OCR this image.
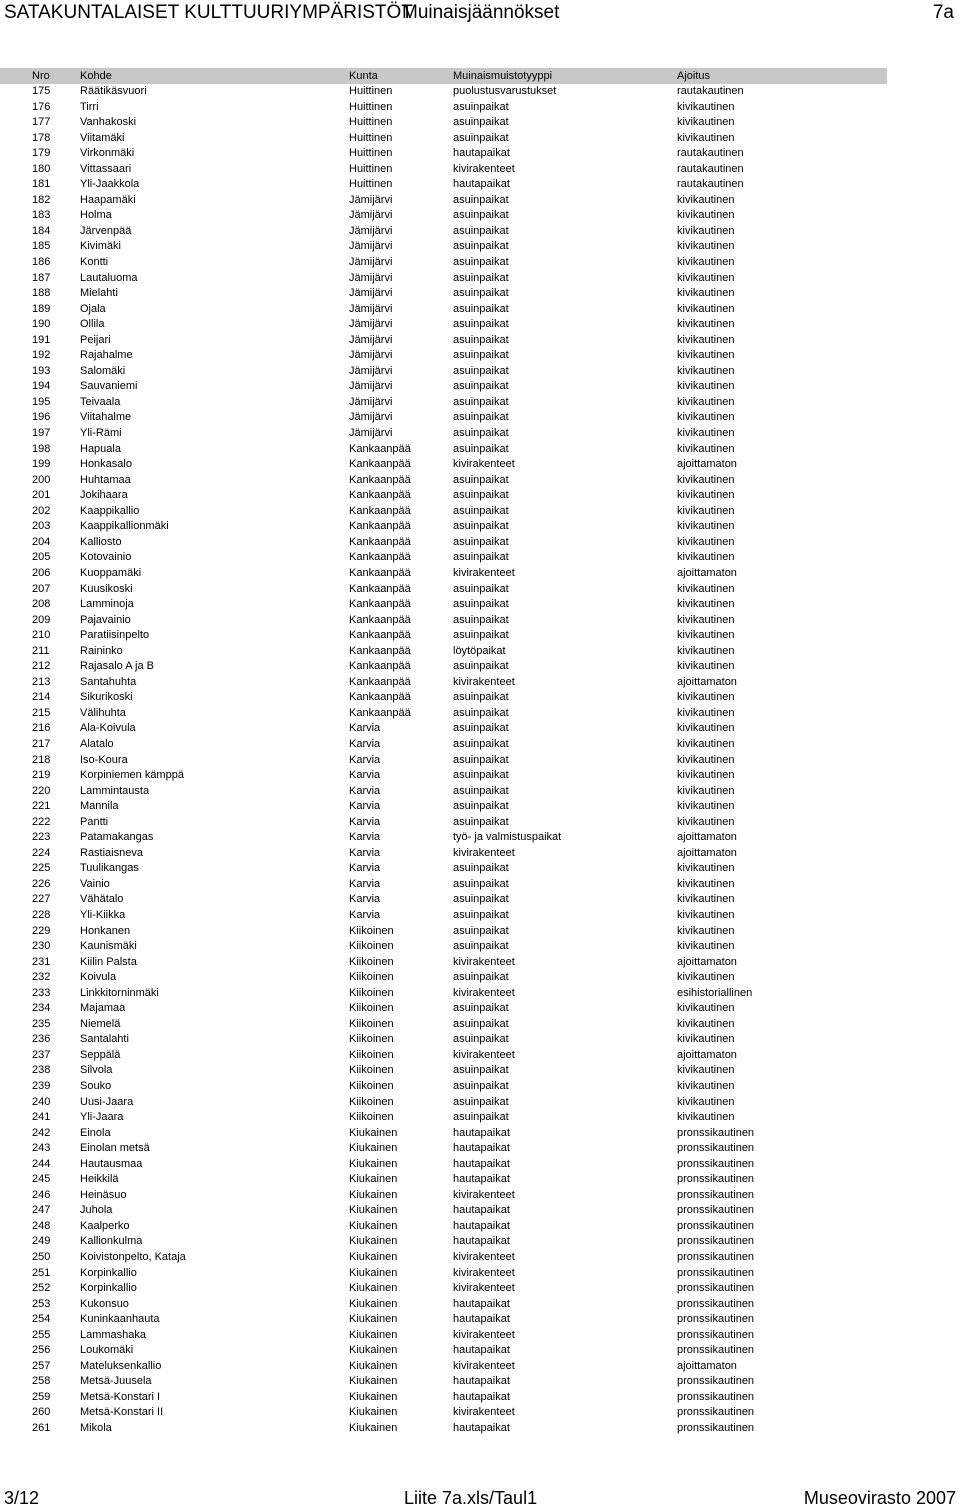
SATAKUNTALAISET KULTTUURIYMPÄRISTÖT
Muinaisjäännökset	7a
Nro	Kohde	Kunta	Muinaismuistotyyppi	Ajoitus
175	Räätikäsvuori	Huittinen	puolustusvarustukset	rautakautinen
176	Tirri	Huittinen	asuinpaikat	kivikautinen
177	Vanhakoski	Huittinen	asuinpaikat	kivikautinen
178	Viitamäki	Huittinen	asuinpaikat	kivikautinen
179	Virkonmäki	Huittinen	hautapaikat	rautakautinen
180	Vittassaari	Huittinen	kivirakenteet	rautakautinen
181	Yli-Jaakkola	Huittinen	hautapaikat	rautakautinen
182	Haapamäki	Jämijärvi	asuinpaikat	kivikautinen
183	Holma	Jämijärvi	asuinpaikat	kivikautinen
184	Järvenpää	Jämijärvi	asuinpaikat	kivikautinen
185	Kivimäki	Jämijärvi	asuinpaikat	kivikautinen
186	Kontti	Jämijärvi	asuinpaikat	kivikautinen
187	Lautaluoma	Jämijärvi	asuinpaikat	kivikautinen
188	Mielahti	Jämijärvi	asuinpaikat	kivikautinen
189	Ojala	Jämijärvi	asuinpaikat	kivikautinen
190	Ollila	Jämijärvi	asuinpaikat	kivikautinen
191	Peijari	Jämijärvi	asuinpaikat	kivikautinen
192	Rajahalme	Jämijärvi	asuinpaikat	kivikautinen
193	Salomäki	Jämijärvi	asuinpaikat	kivikautinen
194	Sauvaniemi	Jämijärvi	asuinpaikat	kivikautinen
195	Teivaala	Jämijärvi	asuinpaikat	kivikautinen
196	Viitahalme	Jämijärvi	asuinpaikat	kivikautinen
197	Yli-Rämi	Jämijärvi	asuinpaikat	kivikautinen
198	Hapuala	Kankaanpää	asuinpaikat	kivikautinen
199	Honkasalo	Kankaanpää	kivirakenteet	ajoittamaton
200	Huhtamaa	Kankaanpää	asuinpaikat	kivikautinen
201	Jokihaara	Kankaanpää	asuinpaikat	kivikautinen
202	Kaappikallio	Kankaanpää	asuinpaikat	kivikautinen
203	Kaappikallionmäki	Kankaanpää	asuinpaikat	kivikautinen
204	Kalliosto	Kankaanpää	asuinpaikat	kivikautinen
205	Kotovainio	Kankaanpää	asuinpaikat	kivikautinen
206	Kuoppamäki	Kankaanpää	kivirakenteet	ajoittamaton
207	Kuusikoski	Kankaanpää	asuinpaikat	kivikautinen
208	Lamminoja	Kankaanpää	asuinpaikat	kivikautinen
209	Pajavainio	Kankaanpää	asuinpaikat	kivikautinen
210	Paratiisinpelto	Kankaanpää	asuinpaikat	kivikautinen
211	Raininko	Kankaanpää	löytöpaikat	kivikautinen
212	Rajasalo A ja B	Kankaanpää	asuinpaikat	kivikautinen
213	Santahuhta	Kankaanpää	kivirakenteet	ajoittamaton
214	Sikurikoski	Kankaanpää	asuinpaikat	kivikautinen
215	Välihuhta	Kankaanpää	asuinpaikat	kivikautinen
216	Ala-Koivula	Karvia	asuinpaikat	kivikautinen
217	Alatalo	Karvia	asuinpaikat	kivikautinen
218	Iso-Koura	Karvia	asuinpaikat	kivikautinen
219	Korpiniemen kämppä	Karvia	asuinpaikat	kivikautinen
220	Lammintausta	Karvia	asuinpaikat	kivikautinen
221	Mannila	Karvia	asuinpaikat	kivikautinen
222	Pantti	Karvia	asuinpaikat	kivikautinen
223	Patamakangas	Karvia	työ- ja valmistuspaikat	ajoittamaton
224	Rastiaisneva	Karvia	kivirakenteet	ajoittamaton
225	Tuulikangas	Karvia	asuinpaikat	kivikautinen
226	Vainio	Karvia	asuinpaikat	kivikautinen
227	Vähätalo	Karvia	asuinpaikat	kivikautinen
228	Yli-Kiikka	Karvia	asuinpaikat	kivikautinen
229	Honkanen	Kiikoinen	asuinpaikat	kivikautinen
230	Kaunismäki	Kiikoinen	asuinpaikat	kivikautinen
231	Kiilin Palsta	Kiikoinen	kivirakenteet	ajoittamaton
232	Koivula	Kiikoinen	asuinpaikat	kivikautinen
233	Linkkitorninmäki	Kiikoinen	kivirakenteet	esihistoriallinen
234	Majamaa	Kiikoinen	asuinpaikat	kivikautinen
235	Niemelä	Kiikoinen	asuinpaikat	kivikautinen
236	Santalahti	Kiikoinen	asuinpaikat	kivikautinen
237	Seppälä	Kiikoinen	kivirakenteet	ajoittamaton
238	Silvola	Kiikoinen	asuinpaikat	kivikautinen
239	Souko	Kiikoinen	asuinpaikat	kivikautinen
240	Uusi-Jaara	Kiikoinen	asuinpaikat	kivikautinen
241	Yli-Jaara	Kiikoinen	asuinpaikat	kivikautinen
242	Einola	Kiukainen	hautapaikat	pronssikautinen
243	Einolan metsä	Kiukainen	hautapaikat	pronssikautinen
244	Hautausmaa	Kiukainen	hautapaikat	pronssikautinen
245	Heikkilä	Kiukainen	hautapaikat	pronssikautinen
246	Heinäsuo	Kiukainen	kivirakenteet	pronssikautinen
247	Juhola	Kiukainen	hautapaikat	pronssikautinen
248	Kaalperko	Kiukainen	hautapaikat	pronssikautinen
249	Kallionkulma	Kiukainen	hautapaikat	pronssikautinen
250	Koivistonpelto, Kataja	Kiukainen	kivirakenteet	pronssikautinen
251	Korpinkallio	Kiukainen	kivirakenteet	pronssikautinen
252	Korpinkallio	Kiukainen	kivirakenteet	pronssikautinen
253	Kukonsuo	Kiukainen	hautapaikat	pronssikautinen
254	Kuninkaanhauta	Kiukainen	hautapaikat	pronssikautinen
255	Lammashaka	Kiukainen	kivirakenteet	pronssikautinen
256	Loukomäki	Kiukainen	hautapaikat	pronssikautinen
257	Mateluksenkallio	Kiukainen	kivirakenteet	ajoittamaton
258	Metsä-Juusela	Kiukainen	hautapaikat	pronssikautinen
259	Metsä-Konstari I	Kiukainen	hautapaikat	pronssikautinen
260	Metsä-Konstari II	Kiukainen	kivirakenteet	pronssikautinen
261	Mikola	Kiukainen	hautapaikat	pronssikautinen
3/12	Liite 7a.xls/Taul1	Museovirasto 2007
